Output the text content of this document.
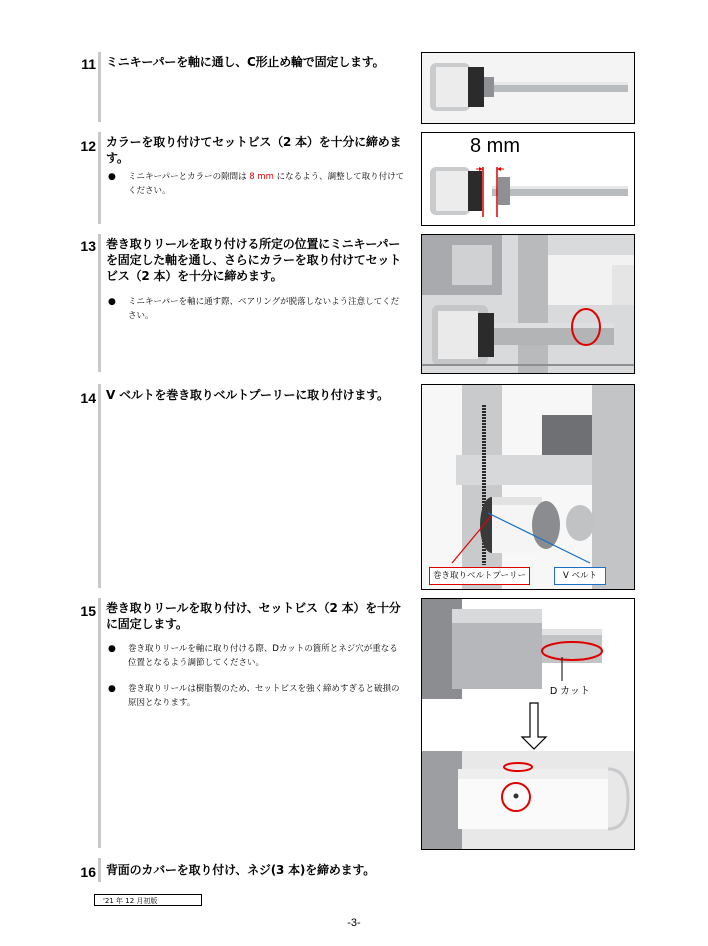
11 ミニキーパーを軸に通し、C形止め輪で固定します。
12 カラーを取り付けてセットビス（2 本）を十分に締めます。
● ミニキーパーとカラーの隙間は 8 mm になるよう、調整して取り付けてください。
8 mm
13 巻き取りリールを取り付ける所定の位置にミニキーパーを固定した軸を通し、さらにカラーを取り付けてセットビス（2 本）を十分に締めます。
● ミニキーパーを軸に通す際、ベアリングが脱落しないよう注意してください。
14 V ベルトを巻き取りベルトプーリーに取り付けます。
巻き取りベルトプーリー	V ベルト
15 巻き取りリールを取り付け、セットビス（2 本）を十分に固定します。
● 巻き取りリールを軸に取り付ける際、Dカットの箇所とネジ穴が重なる位置となるよう調節してください。
● 巻き取りリールは樹脂製のため、セットビスを強く締めすぎると破損の原因となります。
D カット
16 背面のカバーを取り付け、ネジ(3 本)を締めます。
'21 年 12 月初版
-3-
